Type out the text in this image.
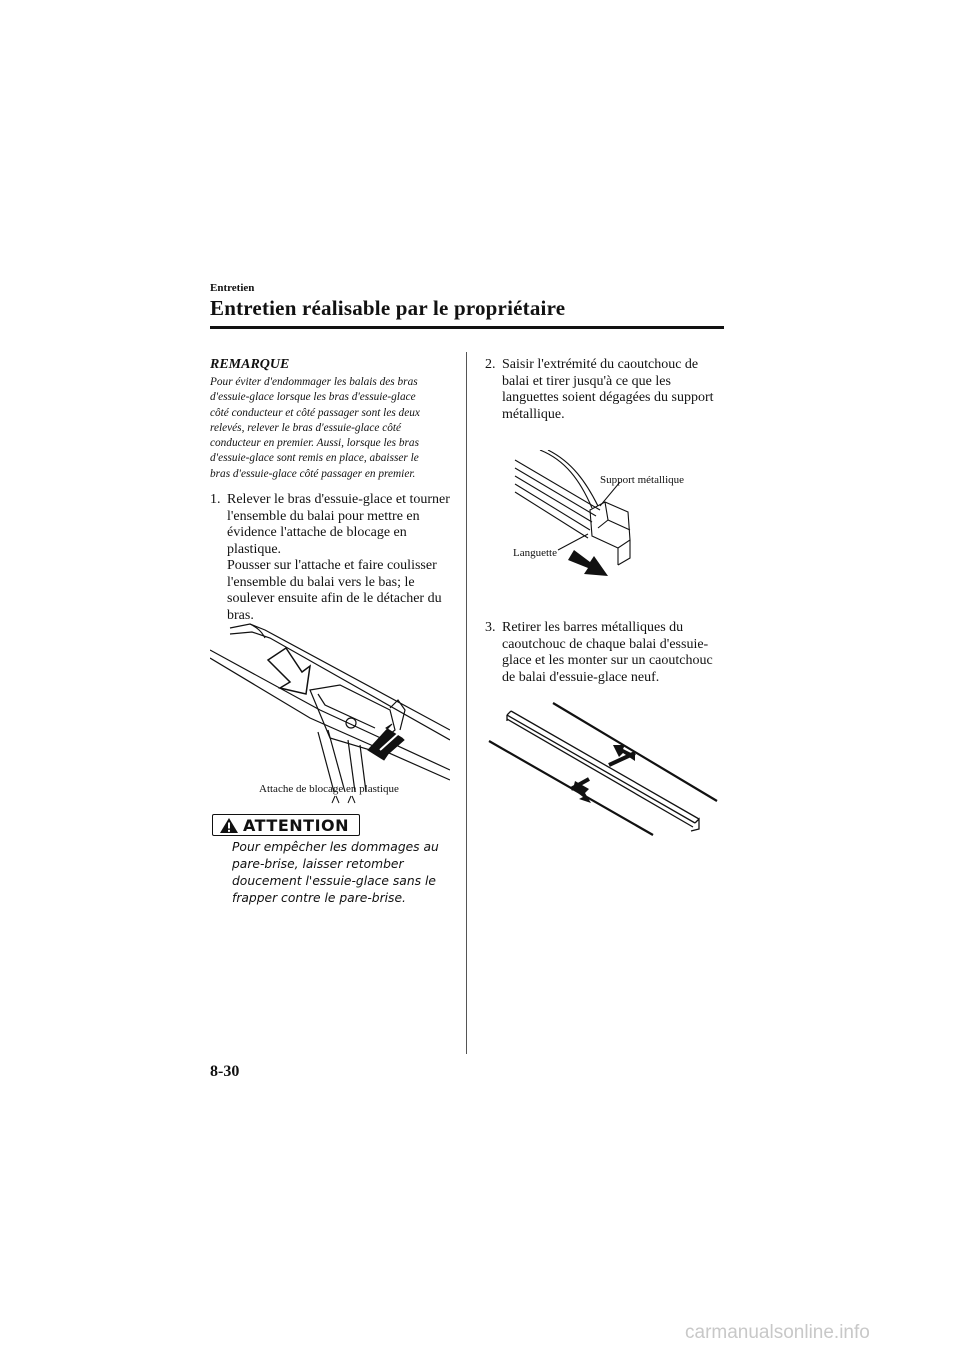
Entretien
Entretien réalisable par le propriétaire
REMARQUE

Pour éviter d'endommager les balais des bras

d'essuie-glace lorsque les bras d'essuie-glace

côté conducteur et côté passager sont les deux

relevés, relever le bras d'essuie-glace côté

conducteur en premier. Aussi, lorsque les bras

d'essuie-glace sont remis en place, abaisser le

bras d'essuie-glace côté passager en premier.

1. Relever le bras d'essuie-glace et tourner
l'ensemble du balai pour mettre en
évidence l'attache de blocage en
plastique.
Pousser sur l'attache et faire coulisser
l'ensemble du balai vers le bas; le
soulever ensuite afin de le détacher du
bras.
Attache de blocage en plastique
ATTENTION

Pour empêcher les dommages au

pare-brise, laisser retomber

doucement l'essuie-glace sans le

frapper contre le pare-brise.

2. Saisir l'extrémité du caoutchouc de
balai et tirer jusqu'à ce que les
languettes soient dégagées du support
métallique.
Support métallique
Languette
3. Retirer les barres métalliques du
caoutchouc de chaque balai d'essuie-
glace et les monter sur un caoutchouc
de balai d'essuie-glace neuf.
8-30
carmanualsonline.info
